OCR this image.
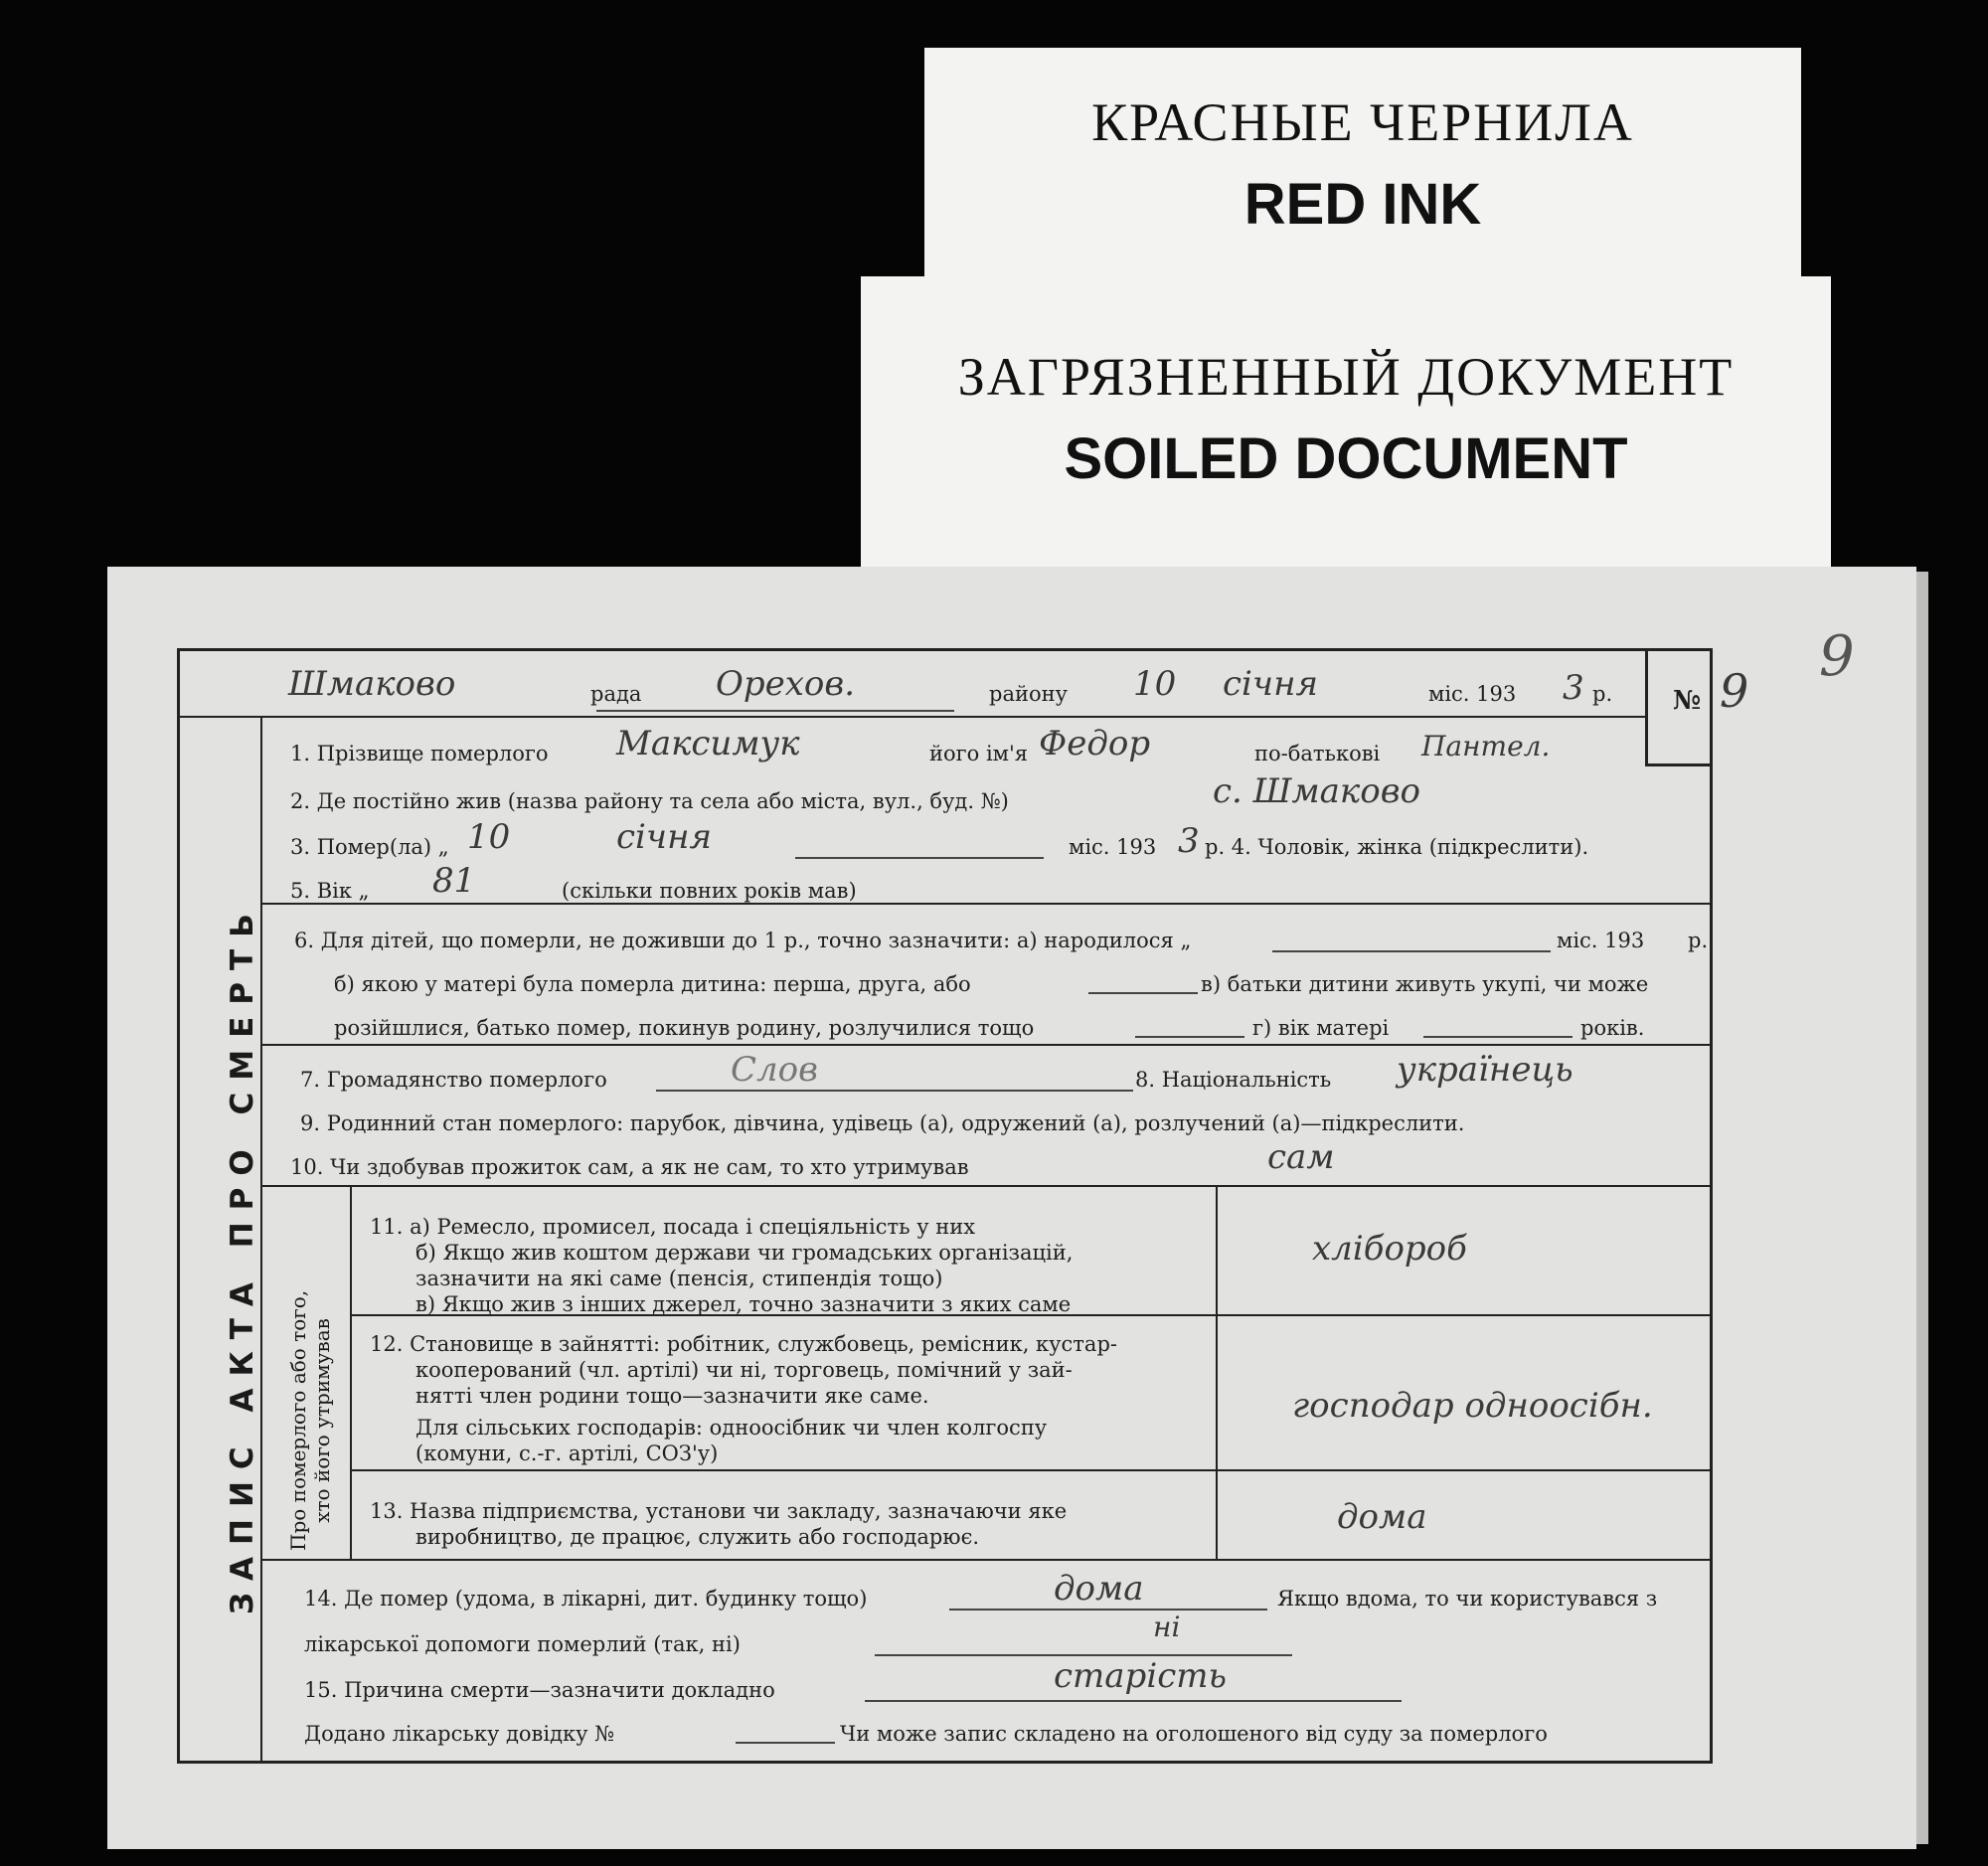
КРАСНЫЕ ЧЕРНИЛА
RED INK
ЗАГРЯЗНЕННЫЙ ДОКУМЕНТ
SOILED DOCUMENT
ЗАПИС АКТА ПРО СМЕРТЬ Про померлого або того, хто його утримував
Шмаково	рада Орехов.	району 10 січня	міс. 193 3 р. № 9
9
1. Прізвище померлого Максимук	його ім'я Федор	по-батькові Пантел.
2. Де постійно жив (назва району та села або міста, вул., буд. №)	с. Шмаково
3. Помер(ла) „ 10	січня	міс. 193 3 р. 4. Чоловік, жінка (підкреслити).
5. Вік „ 81	(скільки повних років мав)
6. Для дітей, що померли, не доживши до 1 р., точно зазначити: а) народилося „	міс. 193 р.
б) якою у матері була померла дитина: перша, друга, або	в) батьки дитини живуть укупі, чи може
розійшлися, батько помер, покинув родину, розлучилися тощо	г) вік матері	років.
7. Громадянство померлого	Слов	8. Національність українець
9. Родинний стан померлого: парубок, дівчина, удівець (а), одружений (а), розлучений (а)—підкреслити.
10. Чи здобував прожиток сам, а як не сам, то хто утримував	сам
11. а) Ремесло, промисел, посада і спеціяльність у них
б) Якщо жив коштом держави чи громадських організацій,
зазначити на які саме (пенсія, стипендія тощо)
в) Якщо жив з інших джерел, точно зазначити з яких саме
хлібороб
12. Становище в зайнятті: робітник, службовець, ремісник, кустар-
кооперований (чл. артілі) чи ні, торговець, помічний у зай-
нятті член родини тощо—зазначити яке саме.
Для сільських господарів: одноосібник чи член колгоспу
(комуни, с.-г. артілі, СОЗ'у)
господар одноосібн.
13. Назва підприємства, установи чи закладу, зазначаючи яке
виробництво, де працює, служить або господарює.	дома
14. Де помер (удома, в лікарні, дит. будинку тощо)	дома	Якщо вдома, то чи користувався з
лікарської допомоги померлий (так, ні)
ні
15. Причина смерти—зазначити докладно	старість
Додано лікарську довідку №	Чи може запис складено на оголошеного від суду за померлого
